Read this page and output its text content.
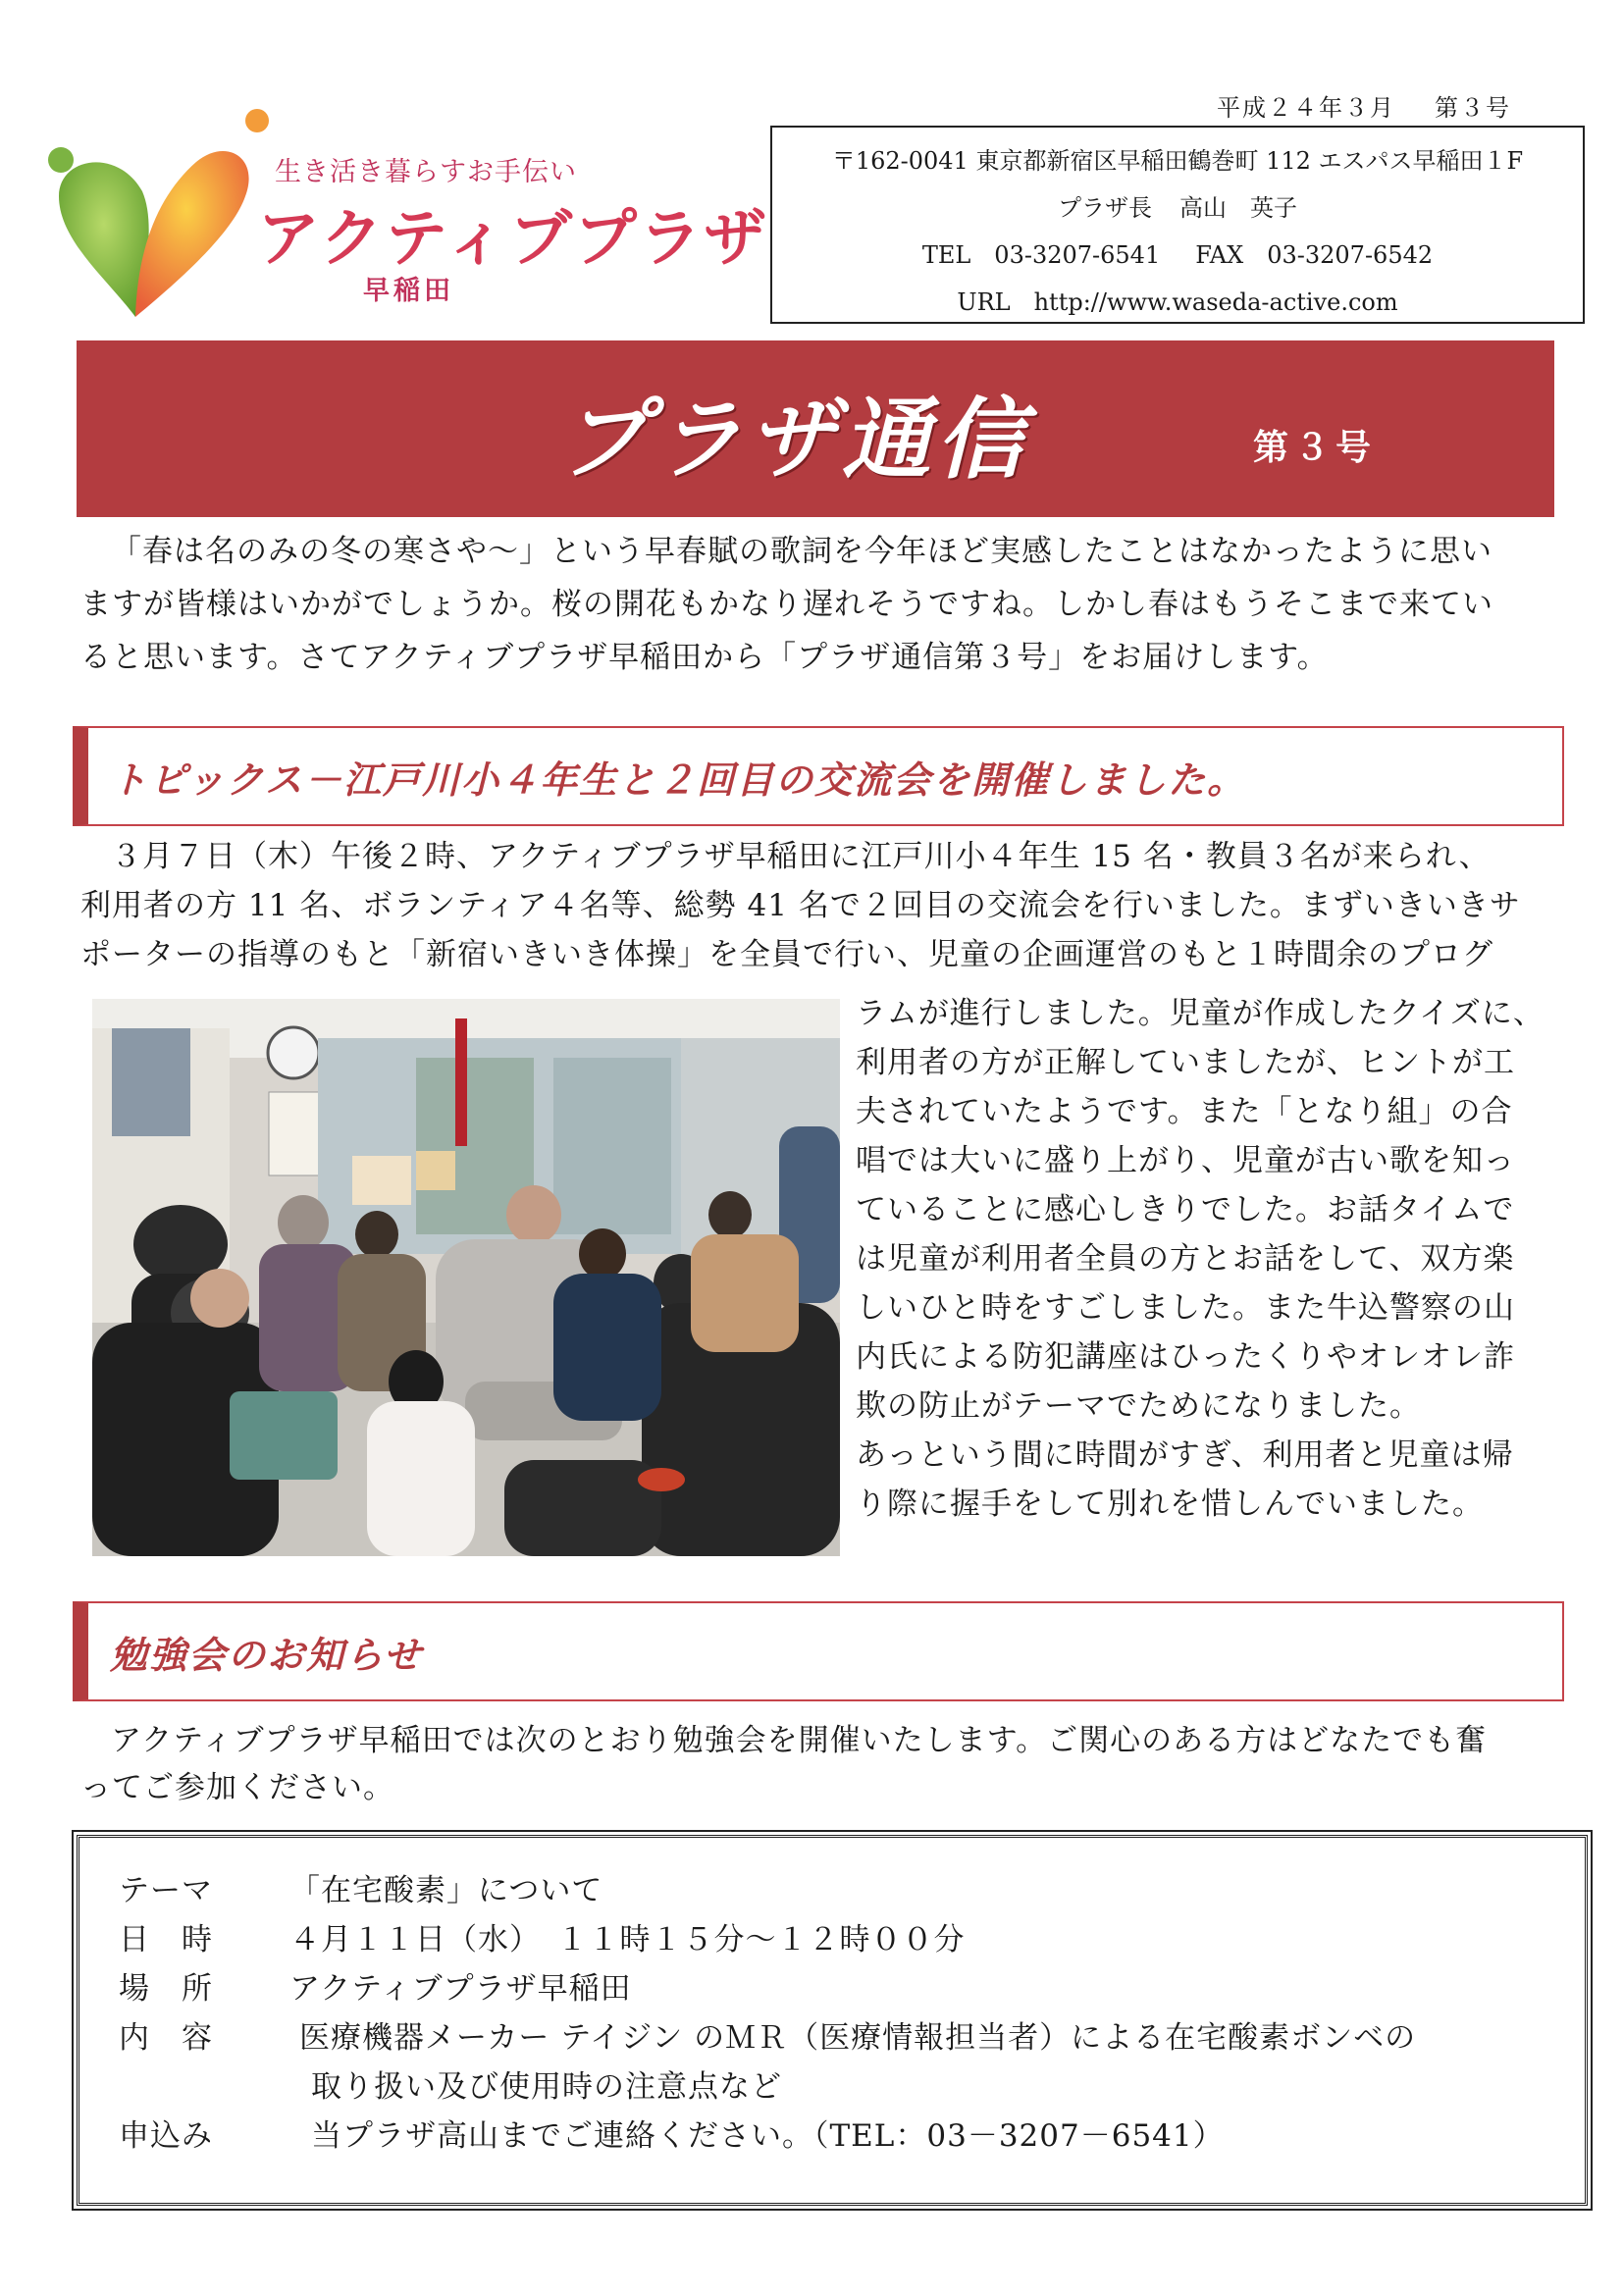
平成２４年３月 第３号
生き活き暮らすお手伝い
アクティブプラザ
早稲田
〒162-0041 東京都新宿区早稲田鶴巻町 112 エスパス早稲田１F
プラザ長 高山　英子
TEL　03-3207-6541 FAX　03-3207-6542
URL　http://www.waseda-active.com
プラザ通信	第３号
「春は名のみの冬の寒さや～」という早春賦の歌詞を今年ほど実感したことはなかったように思い
ますが皆様はいかがでしょうか。桜の開花もかなり遅れそうですね。しかし春はもうそこまで来てい
ると思います。さてアクティブプラザ早稲田から「プラザ通信第３号」をお届けします。
トピックス－江戸川小４年生と２回目の交流会を開催しました。
３月７日（木）午後２時、アクティブプラザ早稲田に江戸川小４年生 15 名・教員３名が来られ、
利用者の方 11 名、ボランティア４名等、総勢 41 名で２回目の交流会を行いました。まずいきいきサ
ポーターの指導のもと「新宿いきいき体操」を全員で行い、児童の企画運営のもと１時間余のプログ
ラムが進行しました。児童が作成したクイズに、
利用者の方が正解していましたが、ヒントが工
夫されていたようです。また「となり組」の合
唱では大いに盛り上がり、児童が古い歌を知っ
ていることに感心しきりでした。お話タイムで
は児童が利用者全員の方とお話をして、双方楽
しいひと時をすごしました。また牛込警察の山
内氏による防犯講座はひったくりやオレオレ詐
欺の防止がテーマでためになりました。
あっという間に時間がすぎ、利用者と児童は帰
り際に握手をして別れを惜しんでいました。
勉強会のお知らせ
アクティブプラザ早稲田では次のとおり勉強会を開催いたします。ご関心のある方はどなたでも奮
ってご参加ください。
テーマ	「在宅酸素」について
日　時	４月１１日（水）　１１時１５分～１２時００分
場　所	アクティブプラザ早稲田
内　容	医療機器メーカー テイジン のＭＲ（医療情報担当者）による在宅酸素ボンベの
取り扱い及び使用時の注意点など
申込み	当プラザ高山までご連絡ください。（TEL：03－3207－6541）
